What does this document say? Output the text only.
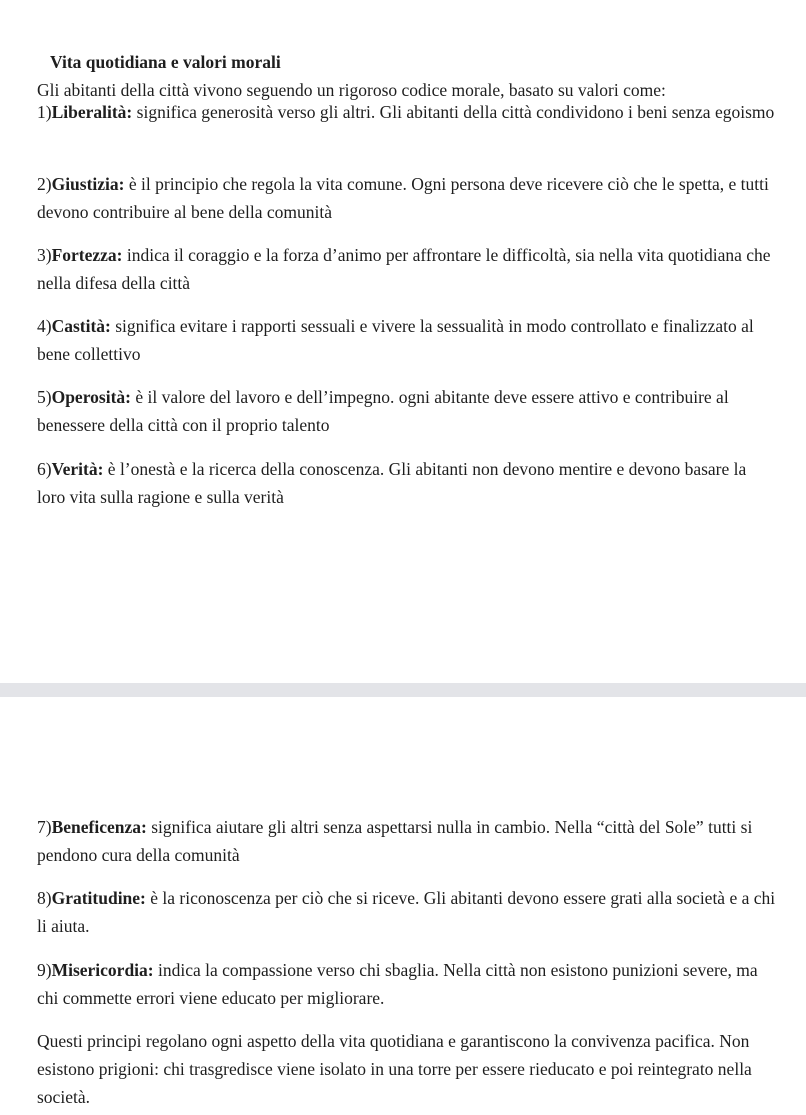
Vita quotidiana e valori morali
Gli abitanti della città vivono seguendo un rigoroso codice morale, basato su valori come:
1)Liberalità: significa generosità verso gli altri. Gli abitanti della città condividono i beni senza egoismo
2)Giustizia: è il principio che regola la vita comune. Ogni persona deve ricevere ciò che le spetta, e tutti devono contribuire al bene della comunità
3)Fortezza: indica il coraggio e la forza d’animo per affrontare le difficoltà, sia nella vita quotidiana che nella difesa della città
4)Castità: significa evitare i rapporti sessuali e vivere la sessualità in modo controllato e finalizzato al bene collettivo
5)Operosità: è il valore del lavoro e dell’impegno. ogni abitante deve essere attivo e contribuire al benessere della città con il proprio talento
6)Verità: è l’onestà e la ricerca della conoscenza. Gli abitanti non devono mentire e devono basare la loro vita sulla ragione e sulla verità
7)Beneficenza: significa aiutare gli altri senza aspettarsi nulla in cambio. Nella “città del Sole” tutti si pendono cura della comunità
8)Gratitudine: è la riconoscenza per ciò che si riceve. Gli abitanti devono essere grati alla società e a chi li aiuta.
9)Misericordia: indica la compassione verso chi sbaglia. Nella città non esistono punizioni severe, ma chi commette errori viene educato per migliorare.
Questi principi regolano ogni aspetto della vita quotidiana e garantiscono la convivenza pacifica. Non esistono prigioni: chi trasgredisce viene isolato in una torre per essere rieducato e poi reintegrato nella società.
